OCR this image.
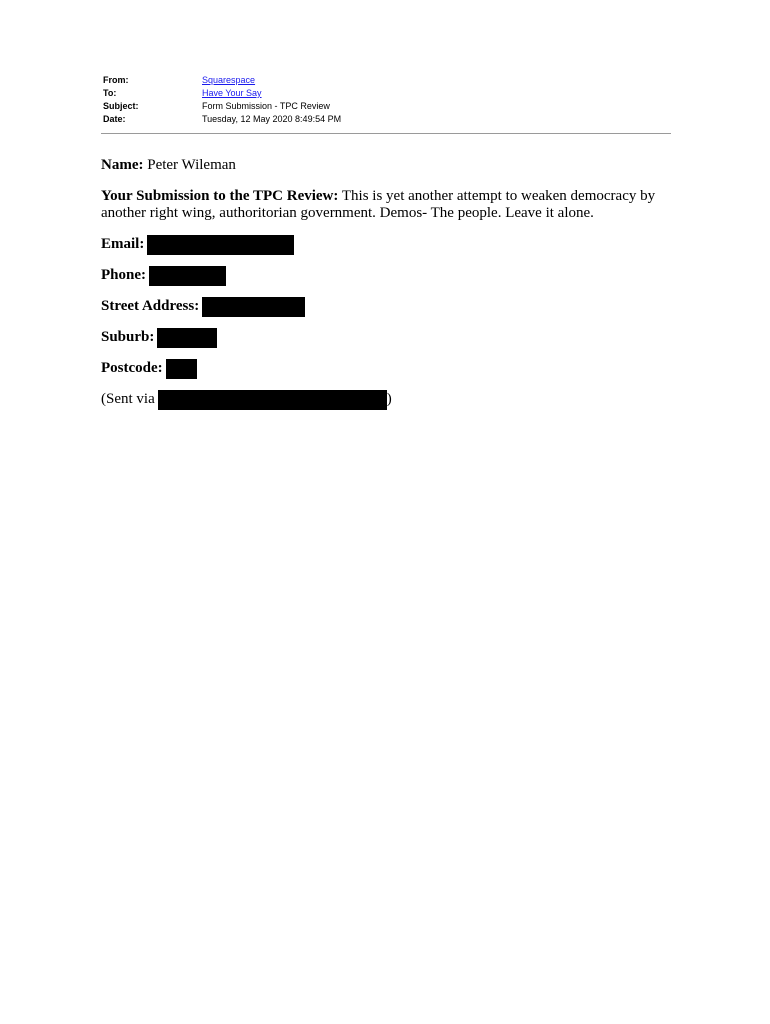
From:	Squarespace
To:	Have Your Say
Subject:	Form Submission - TPC Review
Date:	Tuesday, 12 May 2020 8:49:54 PM

Name: Peter Wileman

Your Submission to the TPC Review: This is yet another attempt to weaken democracy by another right wing, authoritorian government. Demos- The people. Leave it alone.

Email:
Phone:
Street Address:
Suburb:
Postcode:
(Sent via	)
